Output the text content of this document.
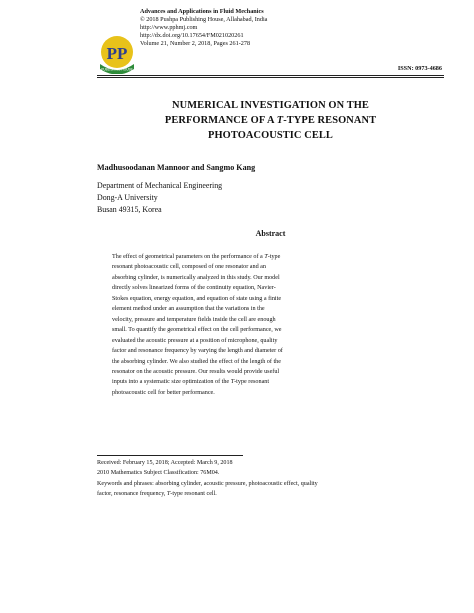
PP
PUBLISHING HOUSE
Advances and Applications in Fluid Mechanics
© 2018 Pushpa Publishing House, Allahabad, India
http://www.pphmj.com
http://dx.doi.org/10.17654/FM021020261
Volume 21, Number 2, 2018, Pages 261-278
ISSN: 0973-4686
NUMERICAL INVESTIGATION ON THE
PERFORMANCE OF A T-TYPE RESONANT
PHOTOACOUSTIC CELL
Madhusoodanan Mannoor and Sangmo Kang
Department of Mechanical Engineering
Dong-A University
Busan 49315, Korea
Abstract
The effect of geometrical parameters on the performance of a T-type
resonant photoacoustic cell, composed of one resonator and an
absorbing cylinder, is numerically analyzed in this study. Our model
directly solves linearized forms of the continuity equation, Navier-
Stokes equation, energy equation, and equation of state using a finite
element method under an assumption that the variations in the
velocity, pressure and temperature fields inside the cell are enough
small. To quantify the geometrical effect on the cell performance, we
evaluated the acoustic pressure at a position of microphone, quality
factor and resonance frequency by varying the length and diameter of
the absorbing cylinder. We also studied the effect of the length of the
resonator on the acoustic pressure. Our results would provide useful
inputs into a systematic size optimization of the T-type resonant
photoacoustic cell for better performance.
Received: February 15, 2018; Accepted: March 9, 2018
2010 Mathematics Subject Classification: 76M04.
Keywords and phrases: absorbing cylinder, acoustic pressure, photoacoustic effect, quality
factor, resonance frequency, T-type resonant cell.
